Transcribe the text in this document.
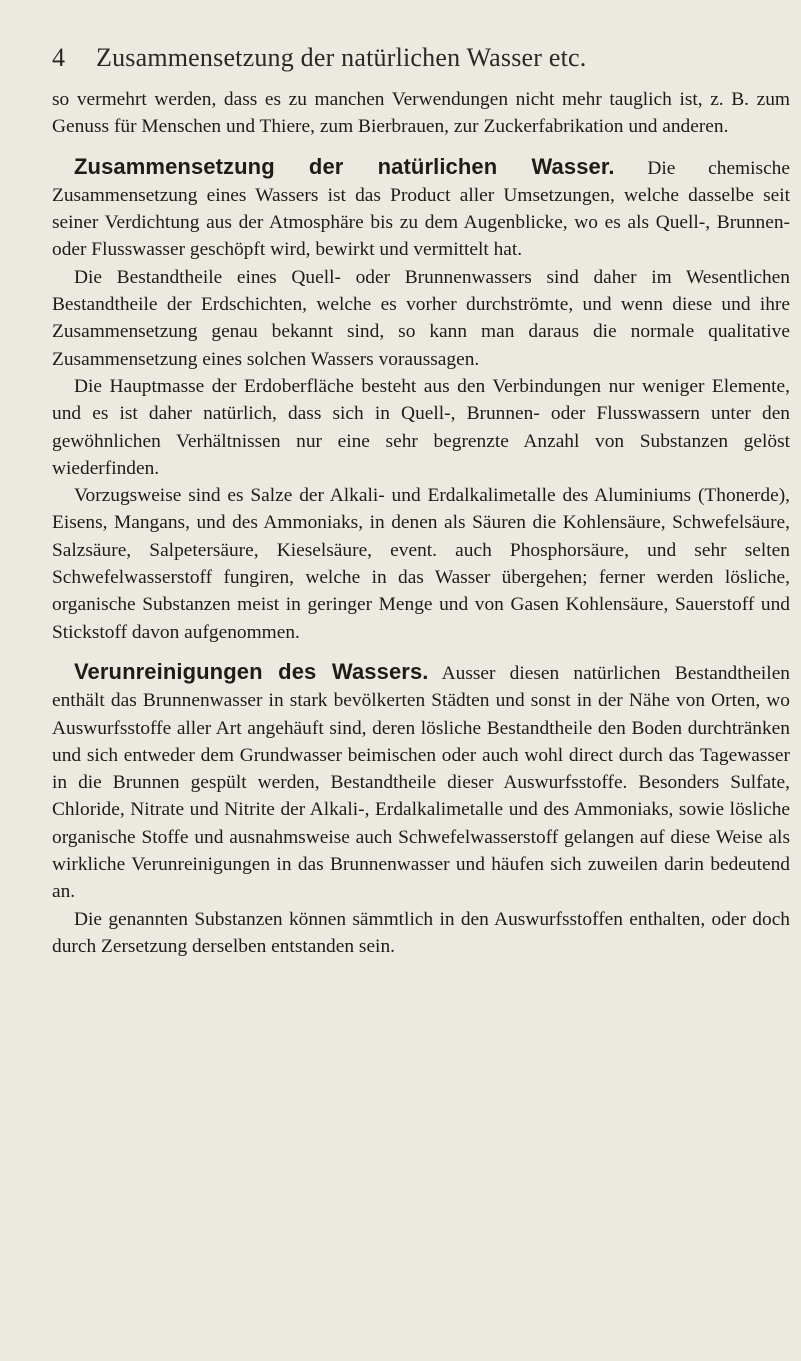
4 Zusammensetzung der natürlichen Wasser etc.

so vermehrt werden, dass es zu manchen Verwendungen nicht mehr tauglich ist, z. B. zum Genuss für Menschen und Thiere, zum Bierbrauen, zur Zuckerfabrikation und anderen.

Zusammensetzung der natürlichen Wasser. Die chemische Zusammensetzung eines Wassers ist das Product aller Umsetzungen, welche dasselbe seit seiner Verdichtung aus der Atmosphäre bis zu dem Augenblicke, wo es als Quell-, Brunnen- oder Flusswasser geschöpft wird, bewirkt und vermittelt hat.

Die Bestandtheile eines Quell- oder Brunnenwassers sind daher im Wesentlichen Bestandtheile der Erdschichten, welche es vorher durchströmte, und wenn diese und ihre Zusammensetzung genau bekannt sind, so kann man daraus die normale qualitative Zusammensetzung eines solchen Wassers voraussagen.

Die Hauptmasse der Erdoberfläche besteht aus den Verbindungen nur weniger Elemente, und es ist daher natürlich, dass sich in Quell-, Brunnen- oder Flusswassern unter den gewöhnlichen Verhältnissen nur eine sehr begrenzte Anzahl von Substanzen gelöst wiederfinden.

Vorzugsweise sind es Salze der Alkali- und Erdalkalimetalle des Aluminiums (Thonerde), Eisens, Mangans, und des Ammoniaks, in denen als Säuren die Kohlensäure, Schwefelsäure, Salzsäure, Salpetersäure, Kieselsäure, event. auch Phosphorsäure, und sehr selten Schwefelwasserstoff fungiren, welche in das Wasser übergehen; ferner werden lösliche, organische Substanzen meist in geringer Menge und von Gasen Kohlensäure, Sauerstoff und Stickstoff davon aufgenommen.

Verunreinigungen des Wassers. Ausser diesen natürlichen Bestandtheilen enthält das Brunnenwasser in stark bevölkerten Städten und sonst in der Nähe von Orten, wo Auswurfsstoffe aller Art angehäuft sind, deren lösliche Bestandtheile den Boden durchtränken und sich entweder dem Grundwasser beimischen oder auch wohl direct durch das Tagewasser in die Brunnen gespült werden, Bestandtheile dieser Auswurfsstoffe. Besonders Sulfate, Chloride, Nitrate und Nitrite der Alkali-, Erdalkalimetalle und des Ammoniaks, sowie lösliche organische Stoffe und ausnahmsweise auch Schwefelwasserstoff gelangen auf diese Weise als wirkliche Verunreinigungen in das Brunnenwasser und häufen sich zuweilen darin bedeutend an.

Die genannten Substanzen können sämmtlich in den Auswurfsstoffen enthalten, oder doch durch Zersetzung derselben entstanden sein.
